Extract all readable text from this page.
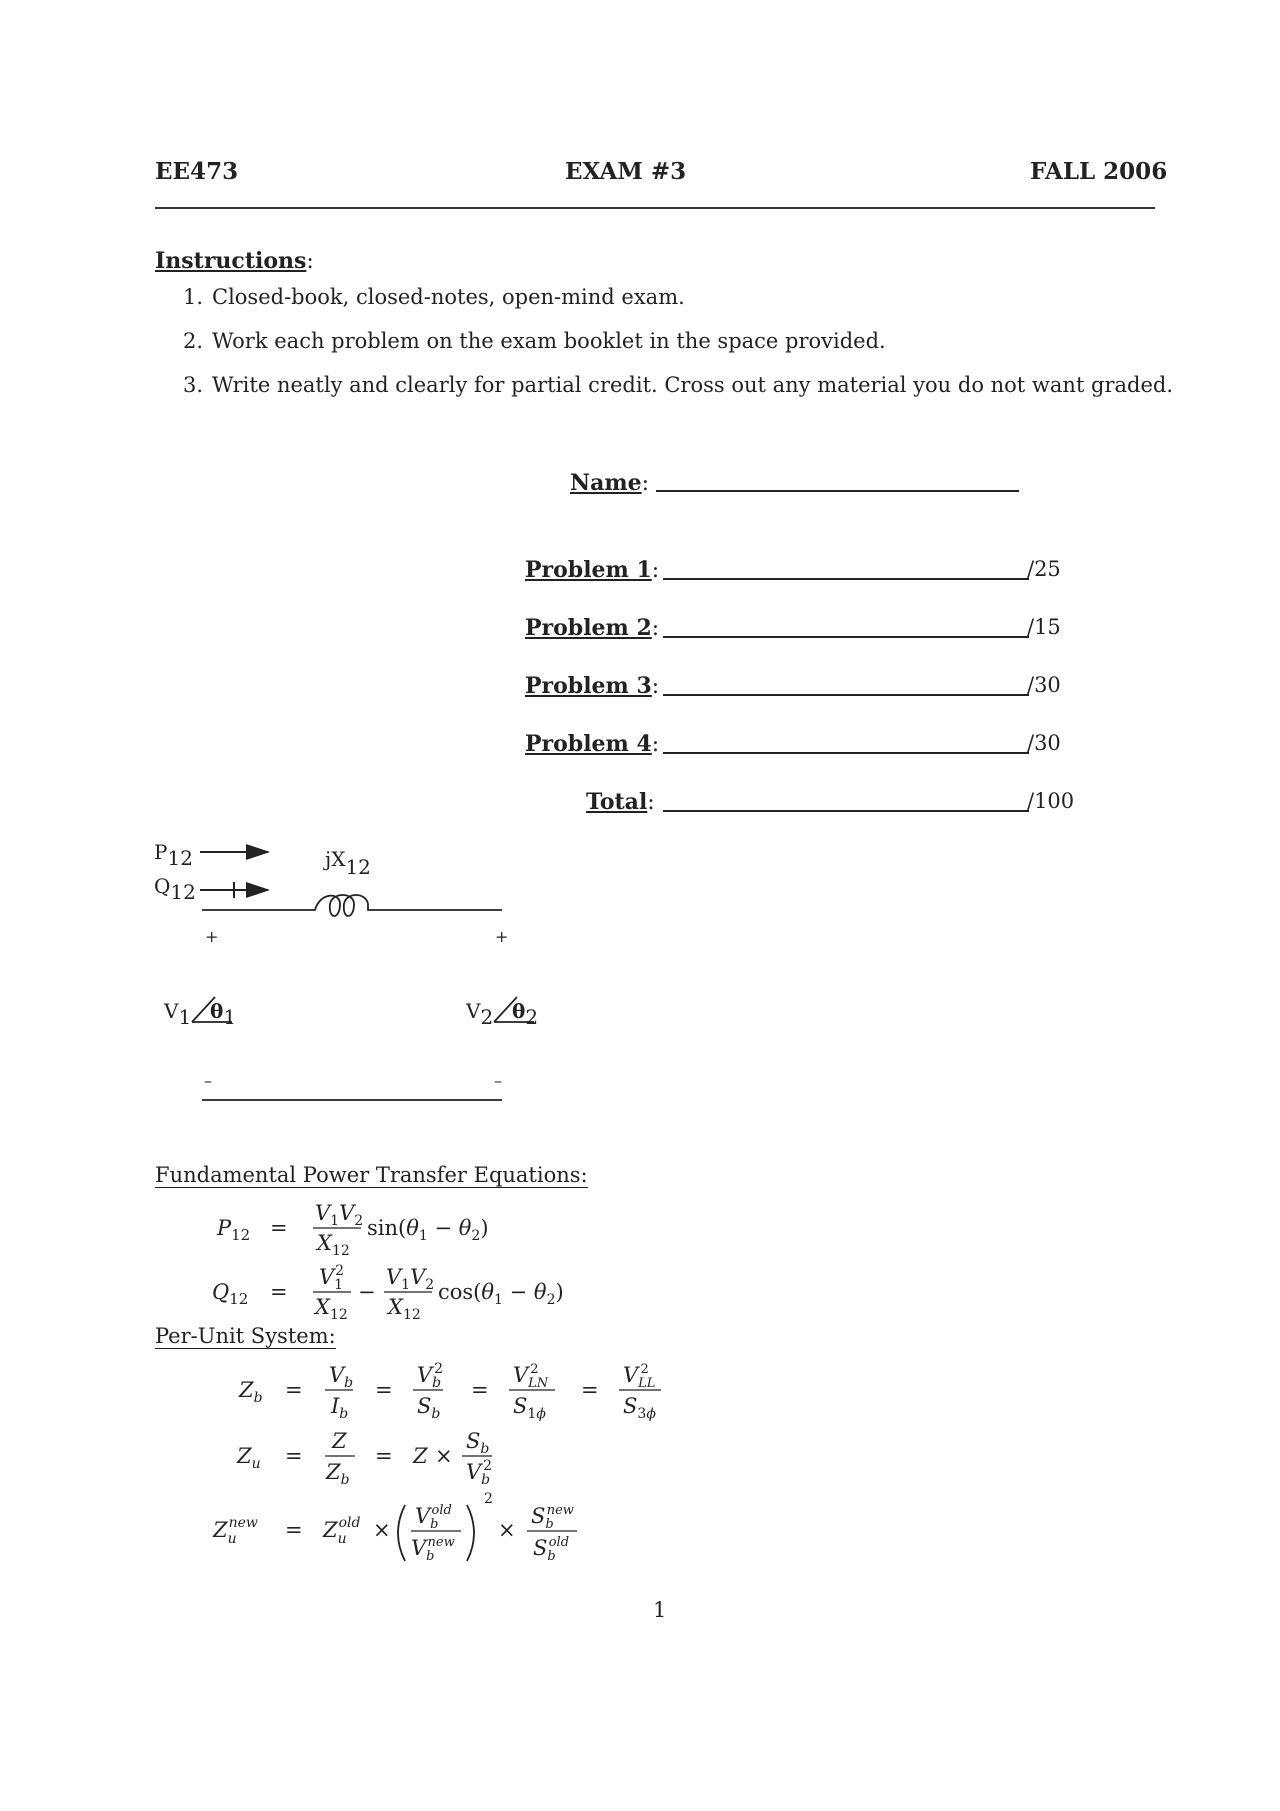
EE473	EXAM #3	FALL 2006
Instructions:
1. Closed-book, closed-notes, open-mind exam.
2. Work each problem on the exam booklet in the space provided.
3. Write neatly and clearly for partial credit. Cross out any material you do not want graded.
Name:
Problem 1:	/25
Problem 2:	/15
Problem 3:	/30
Problem 4:	/30
Total:	/100
P12
Q12
jX12
+	+
V1 θ1	V2 θ2
–	–
Fundamental Power Transfer Equations:
$P_{12}$ =
$V_1V_2$
$X_{12}$
$\sin(\theta_1 - \theta_2)$
$Q_{12}$ =
$V_12$
$X_{12}$
−
$V_1V_2$
$X_{12}$
$\cos(\theta_1 - \theta_2)$
Per-Unit System:
$Z_b$ =
$V_b$
$I_b$
=
$V_b2$
$S_b$
=
$V_{LN}2$
$S_1\phi$
=
$V_{LL}2$
$S_3\phi$
$Z_u$ =
Z
$Z_b$
= Z ×
$S_b$
$V_b2$
$Z_unew = Z_uold$ ×
$V_bold$
$V_bnew$
2
×
$S_bnew$
$S_bold$
1
